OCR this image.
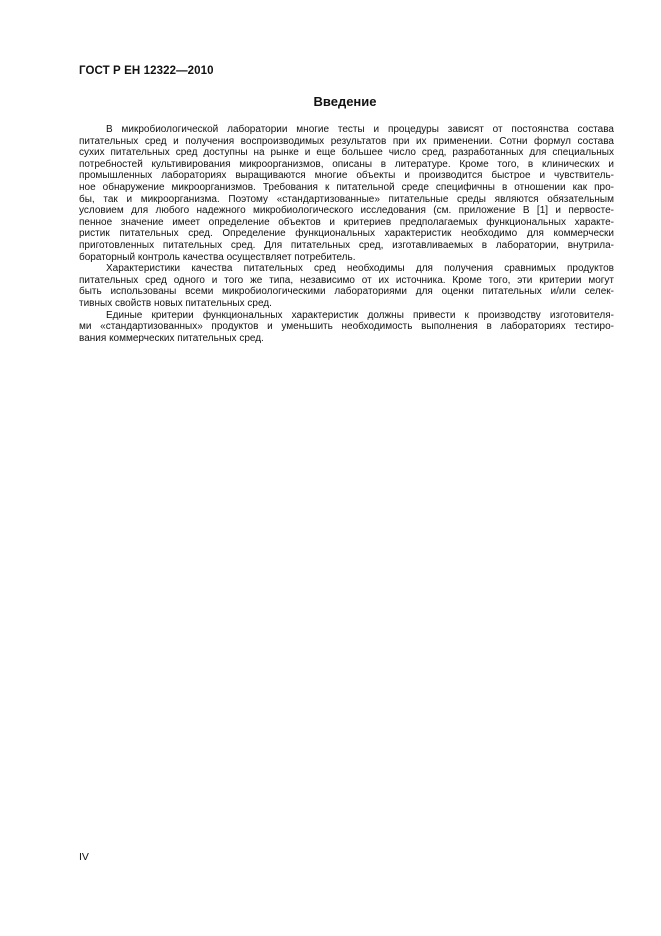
ГОСТ Р ЕН 12322—2010
Введение
В микробиологической лаборатории многие тесты и процедуры зависят от постоянства состава
питательных сред и получения воспроизводимых результатов при их применении. Сотни формул состава
сухих питательных сред доступны на рынке и еще большее число сред, разработанных для специальных
потребностей культивирования микроорганизмов, описаны в литературе. Кроме того, в клинических и
промышленных лабораториях выращиваются многие объекты и производится быстрое и чувствитель-
ное обнаружение микроорганизмов. Требования к питательной среде специфичны в отношении как про-
бы, так и микроорганизма. Поэтому «стандартизованные» питательные среды являются обязательным
условием для любого надежного микробиологического исследования (см. приложение В [1] и первосте-
пенное значение имеет определение объектов и критериев предполагаемых функциональных характе-
ристик питательных сред. Определение функциональных характеристик необходимо для коммерчески
приготовленных питательных сред. Для питательных сред, изготавливаемых в лаборатории, внутрила-
бораторный контроль качества осуществляет потребитель.
Характеристики качества питательных сред необходимы для получения сравнимых продуктов
питательных сред одного и того же типа, независимо от их источника. Кроме того, эти критерии могут
быть использованы всеми микробиологическими лабораториями для оценки питательных и/или селек-
тивных свойств новых питательных сред.
Единые критерии функциональных характеристик должны привести к производству изготовителя-
ми «стандартизованных» продуктов и уменьшить необходимость выполнения в лабораториях тестиро-
вания коммерческих питательных сред.
IV
